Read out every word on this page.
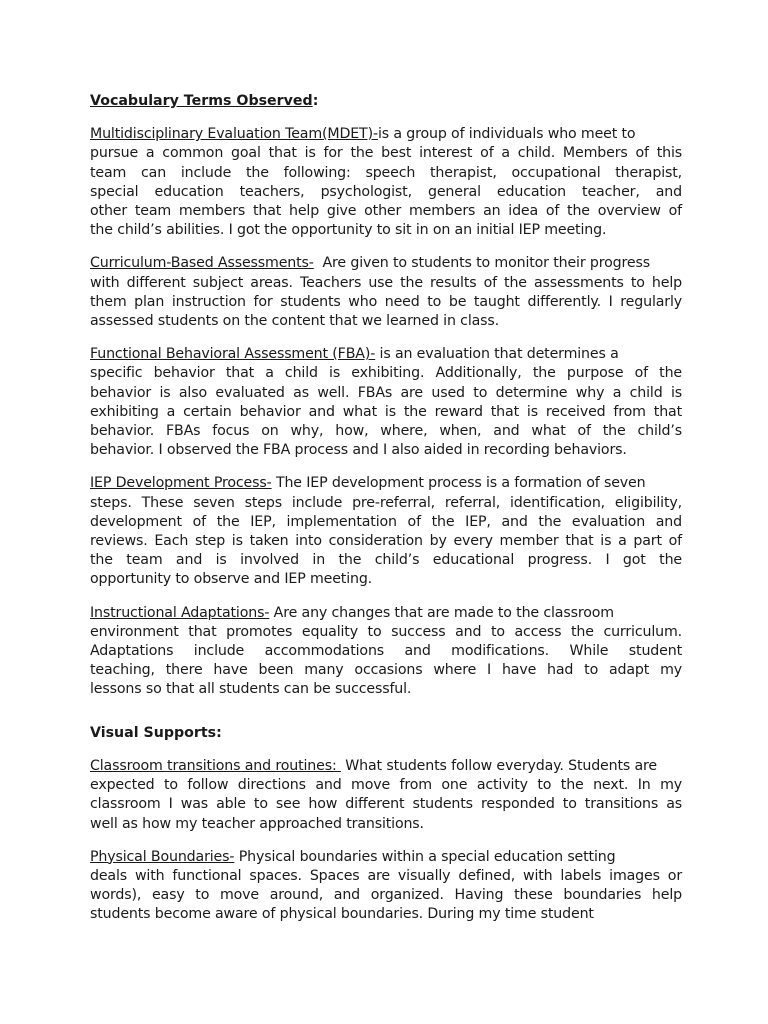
Vocabulary Terms Observed:
Multidisciplinary Evaluation Team(MDET)-is a group of individuals who meet to
pursue a common goal that is for the best interest of a child. Members of this
team can include the following: speech therapist, occupational therapist,
special education teachers, psychologist, general education teacher, and
other team members that help give other members an idea of the overview of
the child’s abilities. I got the opportunity to sit in on an initial IEP meeting.
Curriculum-Based Assessments-  Are given to students to monitor their progress
with different subject areas. Teachers use the results of the assessments to help
them plan instruction for students who need to be taught differently. I regularly
assessed students on the content that we learned in class.
Functional Behavioral Assessment (FBA)- is an evaluation that determines a
specific behavior that a child is exhibiting. Additionally, the purpose of the
behavior is also evaluated as well. FBAs are used to determine why a child is
exhibiting a certain behavior and what is the reward that is received from that
behavior. FBAs focus on why, how, where, when, and what of the child’s
behavior. I observed the FBA process and I also aided in recording behaviors.
IEP Development Process- The IEP development process is a formation of seven
steps. These seven steps include pre-referral, referral, identification, eligibility,
development of the IEP, implementation of the IEP, and the evaluation and
reviews. Each step is taken into consideration by every member that is a part of
the team and is involved in the child’s educational progress. I got the
opportunity to observe and IEP meeting.
Instructional Adaptations- Are any changes that are made to the classroom
environment that promotes equality to success and to access the curriculum.
Adaptations include accommodations and modifications. While student
teaching, there have been many occasions where I have had to adapt my
lessons so that all students can be successful.
Visual Supports:
Classroom transitions and routines:  What students follow everyday. Students are
expected to follow directions and move from one activity to the next. In my
classroom I was able to see how different students responded to transitions as
well as how my teacher approached transitions.
Physical Boundaries- Physical boundaries within a special education setting
deals with functional spaces. Spaces are visually defined, with labels images or
words), easy to move around, and organized. Having these boundaries help
students become aware of physical boundaries. During my time student
